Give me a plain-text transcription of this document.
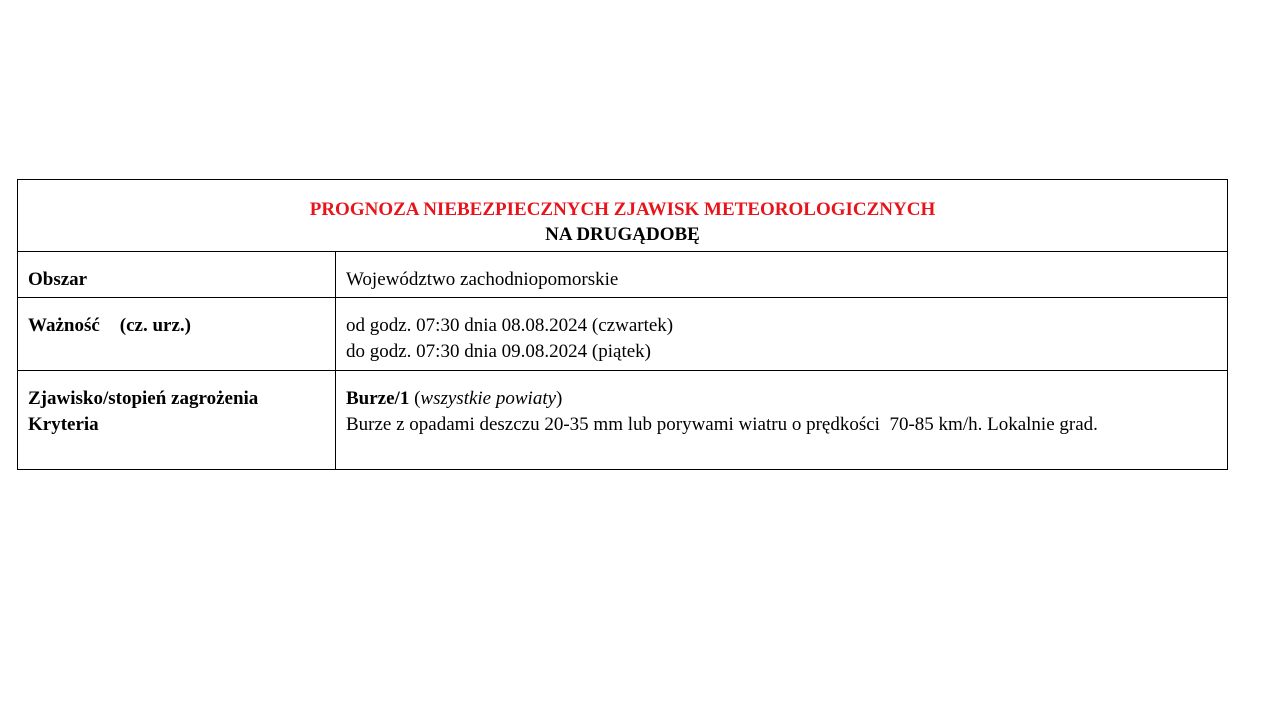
PROGNOZA NIEBEZPIECZNYCH ZJAWISK METEOROLOGICZNYCH
NA DRUGĄDOBĘ
Obszar	Województwo zachodniopomorskie
Ważność (cz. urz.)	od godz. 07:30 dnia 08.08.2024 (czwartek)
do godz. 07:30 dnia 09.08.2024 (piątek)
Zjawisko/stopień zagrożenia
Kryteria
Burze/1 (wszystkie powiaty)
Burze z opadami deszczu 20-35 mm lub porywami wiatru o prędkości  70-85 km/h. Lokalnie grad.
